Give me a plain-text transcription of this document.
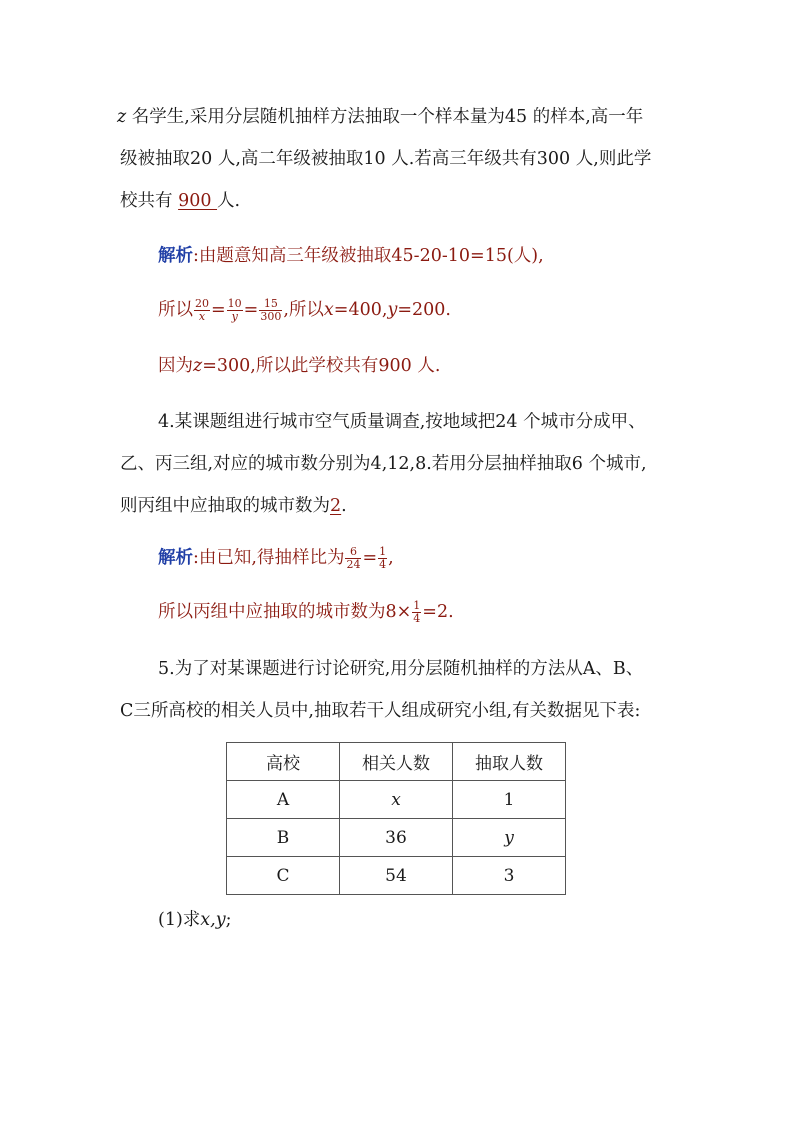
z 名学生,采用分层随机抽样方法抽取一个样本量为45 的样本,高一年
级被抽取20 人,高二年级被抽取10 人.若高三年级共有300 人,则此学
校共有 900 人.
解析:由题意知高三年级被抽取45-20-10=15(人),
所以 $\frac{20}{x} = \frac{10}{y} = \frac{15}{300}$ ,所以x=400,y=200.
因为z=300,所以此学校共有900 人.
4.某课题组进行城市空气质量调查,按地域把24 个城市分成甲、
乙、丙三组,对应的城市数分别为4,12,8.若用分层抽样抽取6 个城市,
则丙组中应抽取的城市数为2.
解析:由已知,得抽样比为 $\frac{6}{24} = \frac{1}{4}$ ,
所以丙组中应抽取的城市数为$8\times \frac{1}{4} =2$.
5.为了对某课题进行讨论研究,用分层随机抽样的方法从A、B、
C三所高校的相关人员中,抽取若干人组成研究小组,有关数据见下表:
高校	相关人数	抽取人数
A	x	1
B	36	y
C	54	3
(1)求x,y;
